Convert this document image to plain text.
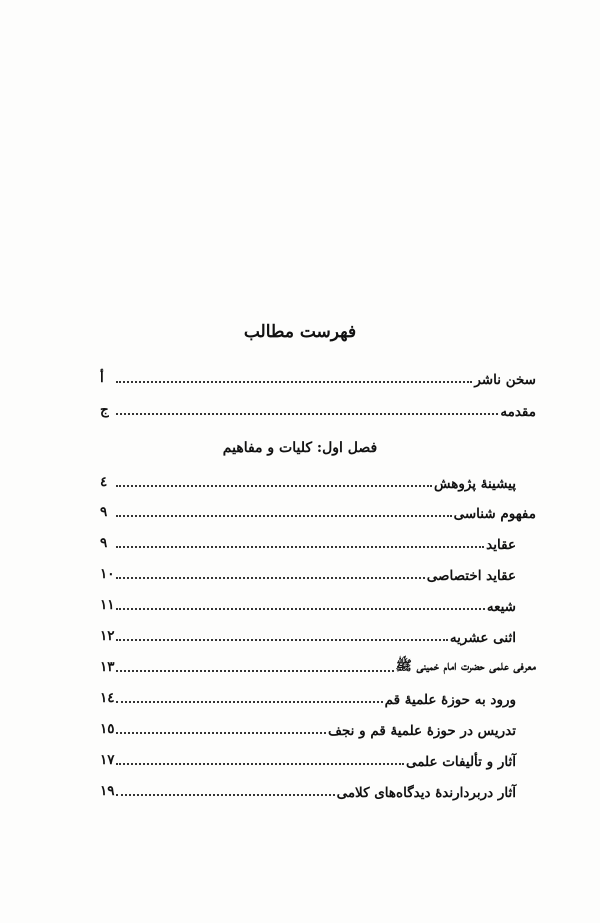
فهرست مطالب
سخن ناشر
أ
مقدمه
ج
فصل اول: کلیات و مفاهیم
پیشینهٔ پژوهش
٤
مفهوم شناسی
٩
عقاید
٩
عقاید اختصاصی
١٠
شیعه
١١
اثنی عشریه
١٢
معرفی علمی حضرت امام خمینی ﷺ
١٣
ورود به حوزهٔ علمیهٔ قم
١٤
تدریس در حوزهٔ علمیهٔ قم و نجف
١٥
آثار و تألیفات علمی
١٧
آثار دربردارندهٔ دیدگاه‌های کلامی
١٩
